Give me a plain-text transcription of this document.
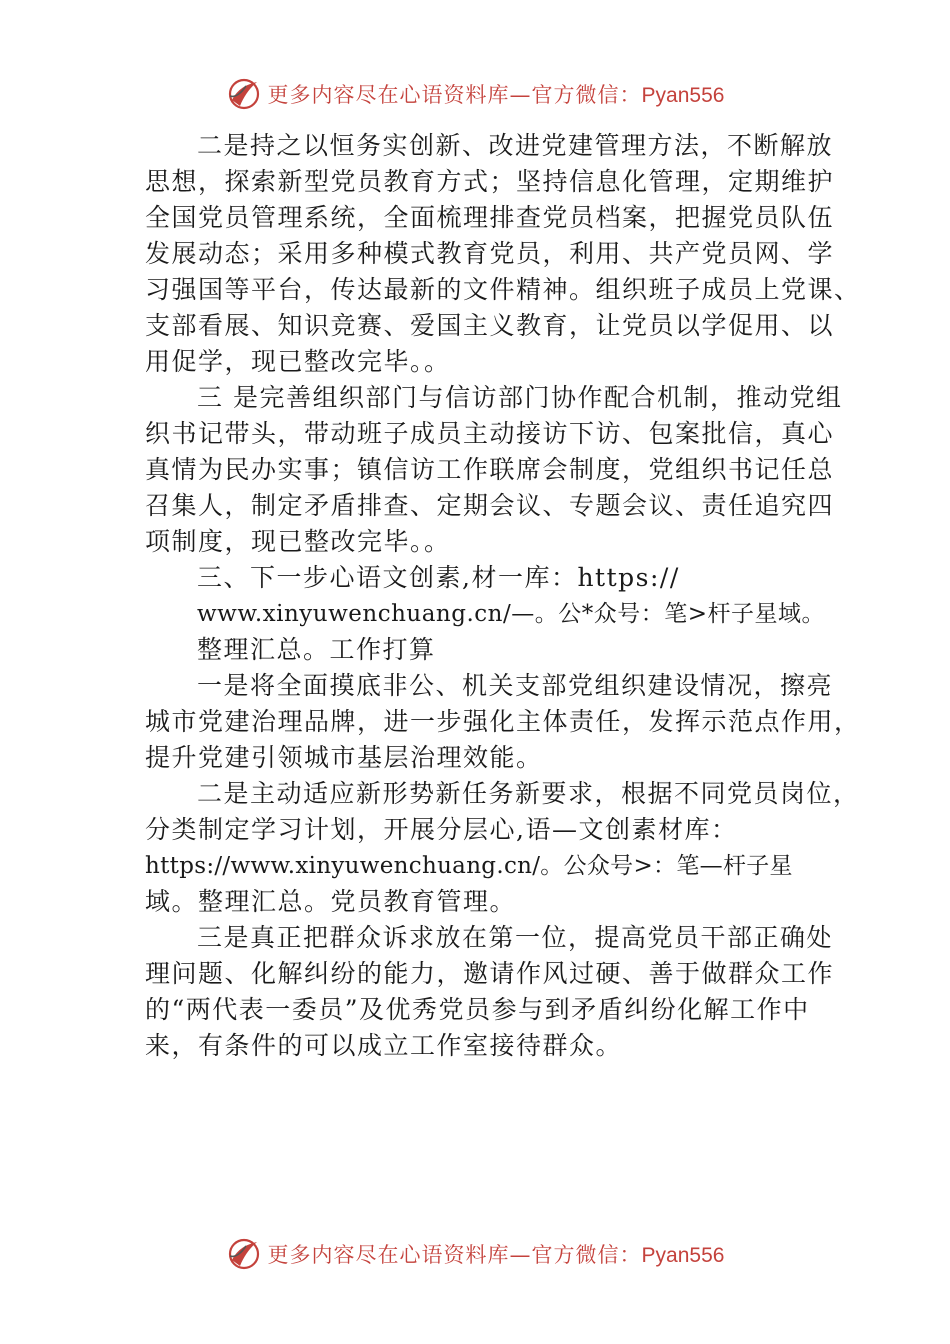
更多内容尽在心语资料库—官方微信：Pyan556
二是持之以恒务实创新、改进党建管理方法，不断解放
思想，探索新型党员教育方式；坚持信息化管理，定期维护
全国党员管理系统，全面梳理排查党员档案，把握党员队伍
发展动态；采用多种模式教育党员，利用、共产党员网、学
习强国等平台，传达最新的文件精神。组织班子成员上党课、
支部看展、知识竞赛、爱国主义教育，让党员以学促用、以
用促学，现已整改完毕。。
三 是完善组织部门与信访部门协作配合机制，推动党组
织书记带头，带动班子成员主动接访下访、包案批信，真心
真情为民办实事；镇信访工作联席会制度，党组织书记任总
召集人，制定矛盾排查、定期会议、专题会议、责任追究四
项制度，现已整改完毕。。
三、下一步心语文创素,材一库：https://
www.xinyuwenchuang.cn/—。公*众号：笔>杆子星域。
整理汇总。工作打算
一是将全面摸底非公、机关支部党组织建设情况，擦亮
城市党建治理品牌，进一步强化主体责任，发挥示范点作用，
提升党建引领城市基层治理效能。
二是主动适应新形势新任务新要求，根据不同党员岗位，
分类制定学习计划，开展分层心,语—文创素材库：
https://www.xinyuwenchuang.cn/。公众号>：笔—杆子星
域。整理汇总。党员教育管理。
三是真正把群众诉求放在第一位，提高党员干部正确处
理问题、化解纠纷的能力，邀请作风过硬、善于做群众工作
的“两代表一委员”及优秀党员参与到矛盾纠纷化解工作中
来，有条件的可以成立工作室接待群众。
更多内容尽在心语资料库—官方微信：Pyan556
